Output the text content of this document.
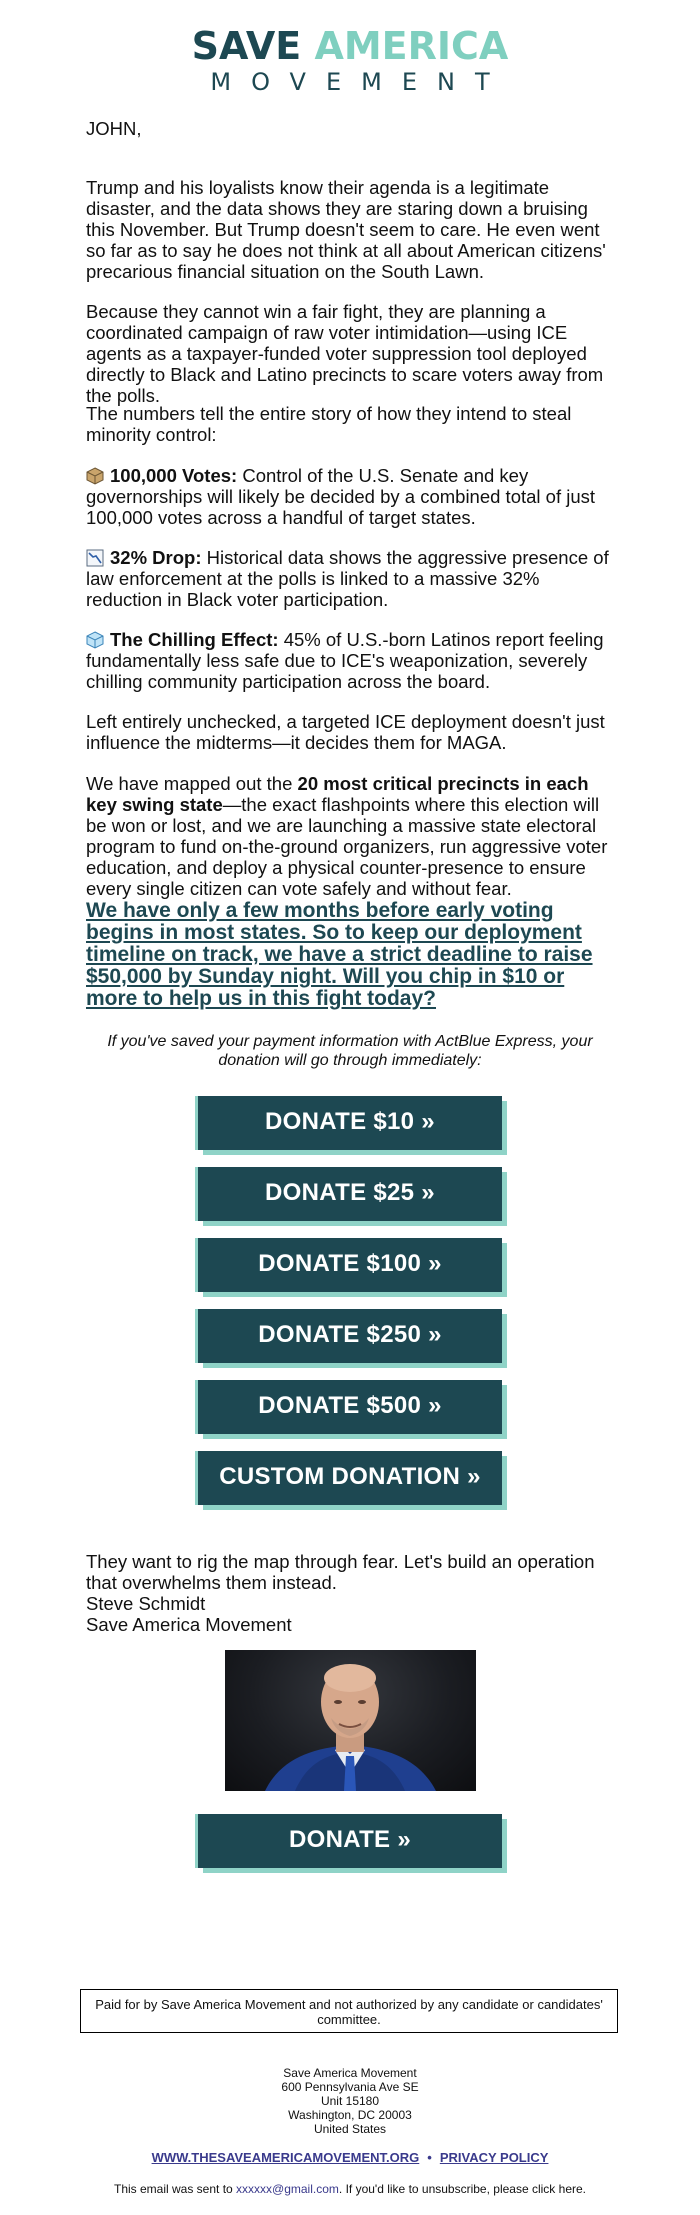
SAVE AMERICA
MOVEMENT
JOHN,

Trump and his loyalists know their agenda is a legitimate disaster, and the data shows they are staring down a bruising this November. But Trump doesn't seem to care. He even went so far as to say he does not think at all about American citizens' precarious financial situation on the South Lawn.

Because they cannot win a fair fight, they are planning a coordinated campaign of raw voter intimidation—using ICE agents as a taxpayer-funded voter suppression tool deployed directly to Black and Latino precincts to scare voters away from the polls.

The numbers tell the entire story of how they intend to steal minority control:

100,000 Votes: Control of the U.S. Senate and key governorships will likely be decided by a combined total of just 100,000 votes across a handful of target states.

32% Drop: Historical data shows the aggressive presence of law enforcement at the polls is linked to a massive 32% reduction in Black voter participation.

The Chilling Effect: 45% of U.S.-born Latinos report feeling fundamentally less safe due to ICE's weaponization, severely chilling community participation across the board.

Left entirely unchecked, a targeted ICE deployment doesn't just influence the midterms—it decides them for MAGA.

We have mapped out the 20 most critical precincts in each key swing state—the exact flashpoints where this election will be won or lost, and we are launching a massive state electoral program to fund on-the-ground organizers, run aggressive voter education, and deploy a physical counter-presence to ensure every single citizen can vote safely and without fear.

We have only a few months before early voting begins in most states. So to keep our deployment timeline on track, we have a strict deadline to raise $50,000 by Sunday night. Will you chip in $10 or more to help us in this fight today?
If you've saved your payment information with ActBlue Express, your donation will go through immediately:
DONATE $10 »
DONATE $25 »
DONATE $100 »
DONATE $250 »
DONATE $500 »
CUSTOM DONATION »

They want to rig the map through fear. Let's build an operation that overwhelms them instead.

Steve Schmidt
Save America Movement
DONATE »
Paid for by Save America Movement and not authorized by any candidate or candidates' committee.
Save America Movement
600 Pennsylvania Ave SE
Unit 15180
Washington, DC 20003
United States
WWW.THESAVEAMERICAMOVEMENT.ORG • PRIVACY POLICY
This email was sent to xxxxxx@gmail.com. If you'd like to unsubscribe, please click here.
